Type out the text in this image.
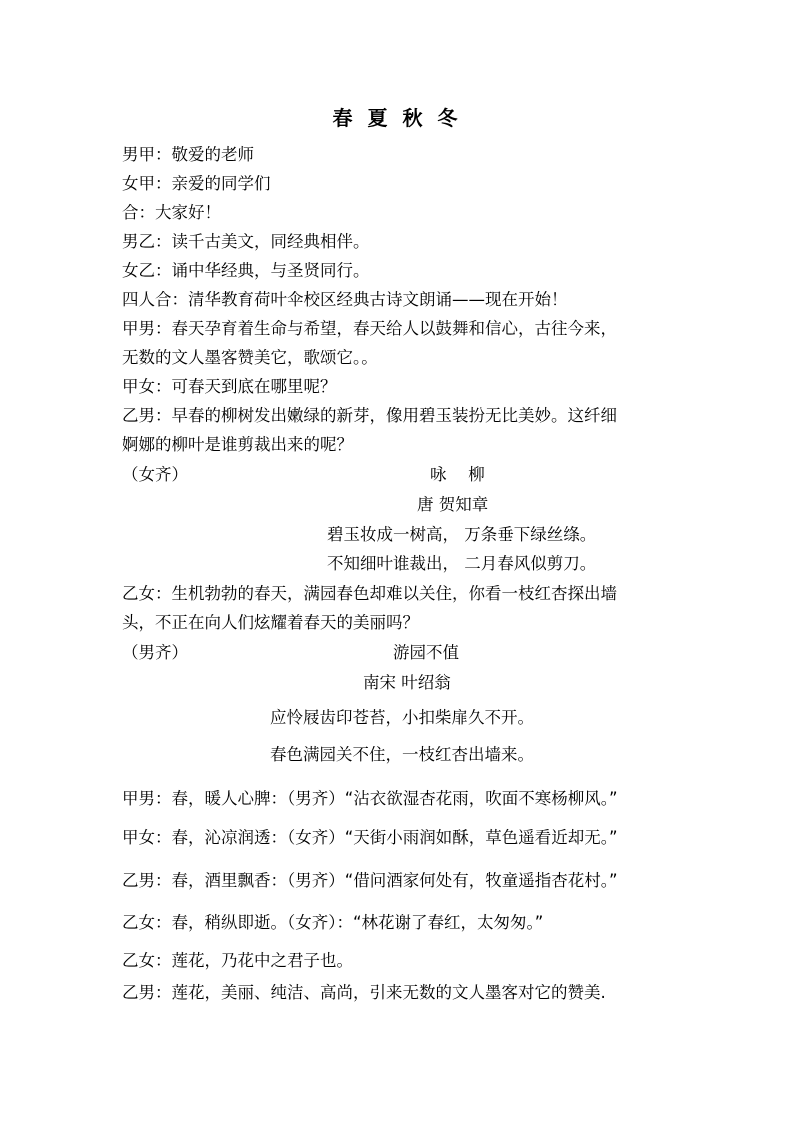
春 夏 秋 冬
男甲：敬爱的老师
女甲：亲爱的同学们
合：大家好！
男乙：读千古美文，同经典相伴。
女乙：诵中华经典，与圣贤同行。
四人合：清华教育荷叶伞校区经典古诗文朗诵——现在开始！
甲男：春天孕育着生命与希望，春天给人以鼓舞和信心，古往今来，
无数的文人墨客赞美它，歌颂它。。
甲女：可春天到底在哪里呢？
乙男：早春的柳树发出嫩绿的新芽，像用碧玉装扮无比美妙。这纤细
婀娜的柳叶是谁剪裁出来的呢？
（女齐）	咏　 柳
唐 贺知章
碧玉妆成一树高， 万条垂下绿丝绦。
不知细叶谁裁出， 二月春风似剪刀。
乙女：生机勃勃的春天，满园春色却难以关住，你看一枝红杏探出墙
头，不正在向人们炫耀着春天的美丽吗？
（男齐）	游园不值
南宋 叶绍翁
应怜屐齿印苍苔，小扣柴扉久不开。
春色满园关不住，一枝红杏出墙来。
甲男：春，暖人心脾：（男齐）“沾衣欲湿杏花雨，吹面不寒杨柳风。”
甲女：春，沁凉润透：（女齐）“天街小雨润如酥，草色遥看近却无。”
乙男：春，酒里飘香：（男齐）“借问酒家何处有，牧童遥指杏花村。”
乙女：春，稍纵即逝。（女齐）：“林花谢了春红，太匆匆。”
乙女：莲花，乃花中之君子也。
乙男：莲花，美丽、纯洁、高尚，引来无数的文人墨客对它的赞美.
